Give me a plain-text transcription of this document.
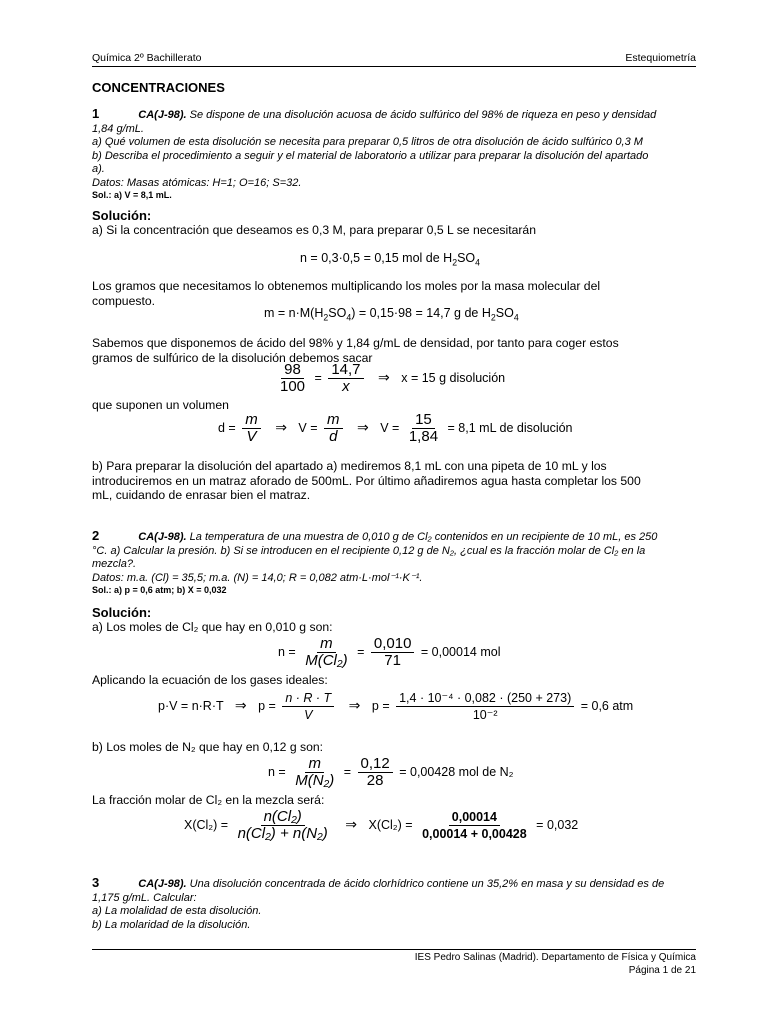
Química 2º Bachillerato	Estequiometría
CONCENTRACIONES
1	CA(J-98). Se dispone de una disolución acuosa de ácido sulfúrico del 98% de riqueza en peso y densidad
1,84 g/mL.
a) Qué volumen de esta disolución se necesita para preparar 0,5 litros de otra disolución de ácido sulfúrico 0,3 M
b) Describa el procedimiento a seguir y el material de laboratorio a utilizar para preparar la disolución del apartado
a).
Datos: Masas atómicas: H=1; O=16; S=32.
Sol.: a) V = 8,1 mL.
Solución:
a) Si la concentración que deseamos es 0,3 M, para preparar 0,5 L se necesitarán
n = 0,3·0,5 = 0,15 mol de $H_2SO_4$
Los gramos que necesitamos lo obtenemos multiplicando los moles por la masa molecular del
compuesto.
$m = n\cdot M(H_2SO_4) = 0,15\cdot 98 = 14,7$ g de $H_2SO_4$
Sabemos que disponemos de ácido del 98% y 1,84 g/mL de densidad, por tanto para coger estos
gramos de sulfúrico de la disolución debemos sacar
$\frac{98}{100} = \frac{14,7}{x}$ ⇒ x = 15 g disolución
que suponen un volumen
$d = \frac{m}{V}$ ⇒ $V = \frac{m}{d}$ ⇒ $V = \frac{15}{1,84} = 8,1$ mL de disolución
b) Para preparar la disolución del apartado a) mediremos 8,1 mL con una pipeta de 10 mL y los
introduciremos en un matraz aforado de 500mL. Por último añadiremos agua hasta completar los 500
mL, cuidando de enrasar bien el matraz.
2	CA(J-98). La temperatura de una muestra de 0,010 g de Cl₂ contenidos en un recipiente de 10 mL, es 250
°C. a) Calcular la presión. b) Si se introducen en el recipiente 0,12 g de N₂, ¿cual es la fracción molar de Cl₂ en la
mezcla?.
Datos: m.a. (Cl) = 35,5; m.a. (N) = 14,0; R = 0,082 atm·L·mol⁻¹·K⁻¹.
Sol.: a) p = 0,6 atm; b) X = 0,032
Solución:
a) Los moles de Cl₂ que hay en 0,010 g son:
$n = \frac{m}{\text{M(Cl₂)}} = \frac{0,010}{71} = 0,00014$ mol
Aplicando la ecuación de los gases ideales:
p·V = n·R·T ⇒ $p = \frac{n \cdot R \cdot T}{V}$ ⇒ $p = \frac{\text{1,4 · 10⁻⁴ · 0,082 · (250 + 273)}}{\text{10⁻²}} = 0,6$ atm
b) Los moles de N₂ que hay en 0,12 g son:
$n = \frac{m}{\text{M(N₂)}} = \frac{0,12}{28} = 0,00428$ mol de N₂
La fracción molar de Cl₂ en la mezcla será:
$X(Cl_2) = \frac{\text{n(Cl₂)}}{\text{n(Cl₂) + n(N₂)}}$ ⇒ $X(Cl_2) = \frac{0,00014}{0,00014 + 0,00428} = 0,032$
3	CA(J-98). Una disolución concentrada de ácido clorhídrico contiene un 35,2% en masa y su densidad es de
1,175 g/mL. Calcular:
a) La molalidad de esta disolución.
b) La molaridad de la disolución.
IES Pedro Salinas (Madrid). Departamento de Física y Química
Página 1 de 21
